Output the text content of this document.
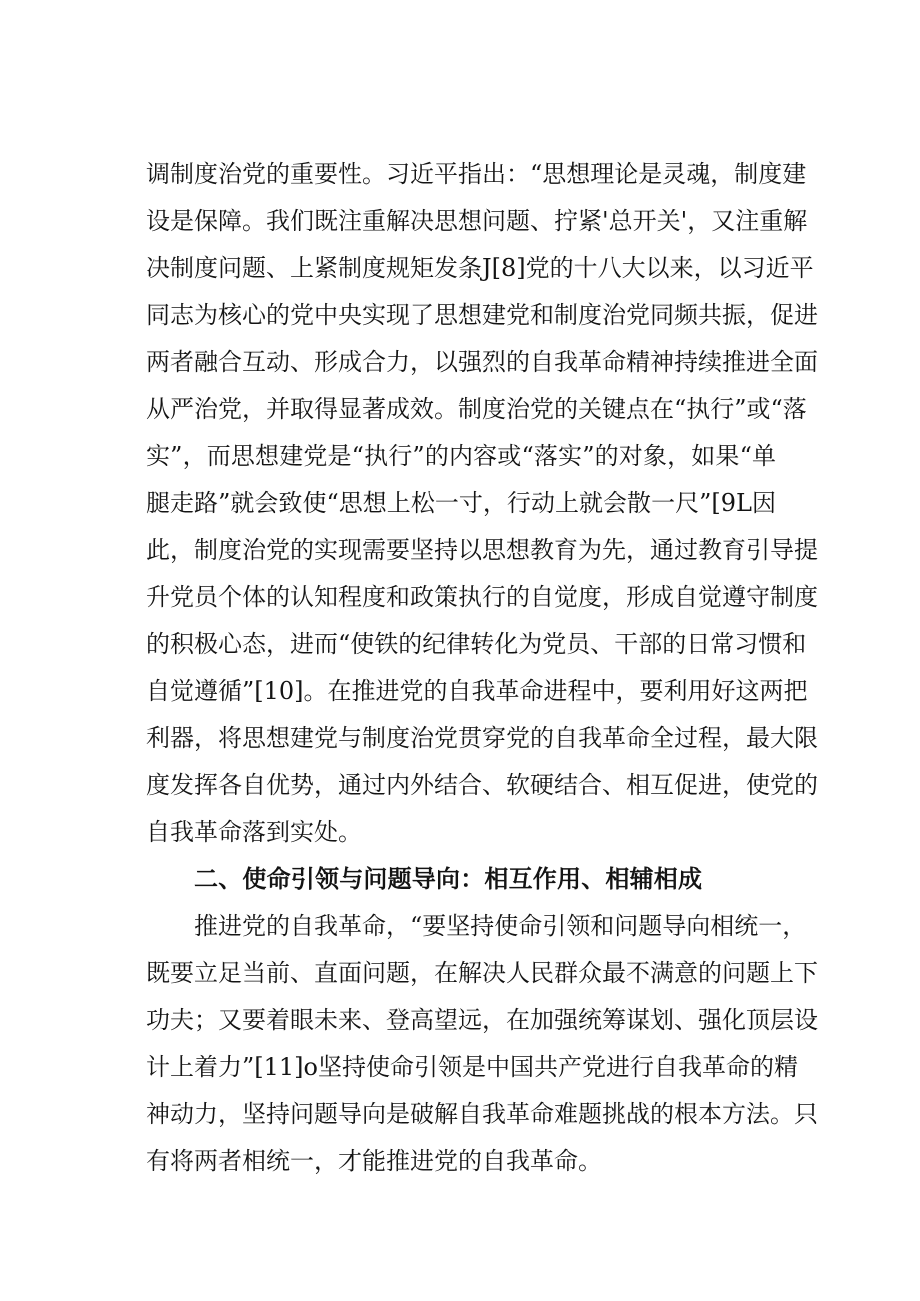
调制度治党的重要性。习近平指出：“思想理论是灵魂，制度建

设是保障。我们既注重解决思想问题、拧紧'总开关'，又注重解

决制度问题、上紧制度规矩发条J[8]党的十八大以来，以习近平

同志为核心的党中央实现了思想建党和制度治党同频共振，促进

两者融合互动、形成合力，以强烈的自我革命精神持续推进全面

从严治党，并取得显著成效。制度治党的关键点在“执行”或“落

实”，而思想建党是“执行”的内容或“落实”的对象，如果“单

腿走路”就会致使“思想上松一寸，行动上就会散一尺”[9L因

此，制度治党的实现需要坚持以思想教育为先，通过教育引导提

升党员个体的认知程度和政策执行的自觉度，形成自觉遵守制度

的积极心态，进而“使铁的纪律转化为党员、干部的日常习惯和

自觉遵循”[10]。在推进党的自我革命进程中，要利用好这两把

利器，将思想建党与制度治党贯穿党的自我革命全过程，最大限

度发挥各自优势，通过内外结合、软硬结合、相互促进，使党的

自我革命落到实处。

二、使命引领与问题导向：相互作用、相辅相成

推进党的自我革命，“要坚持使命引领和问题导向相统一，

既要立足当前、直面问题，在解决人民群众最不满意的问题上下

功夫；又要着眼未来、登高望远，在加强统筹谋划、强化顶层设

计上着力”[11]o坚持使命引领是中国共产党进行自我革命的精

神动力，坚持问题导向是破解自我革命难题挑战的根本方法。只

有将两者相统一，才能推进党的自我革命。
